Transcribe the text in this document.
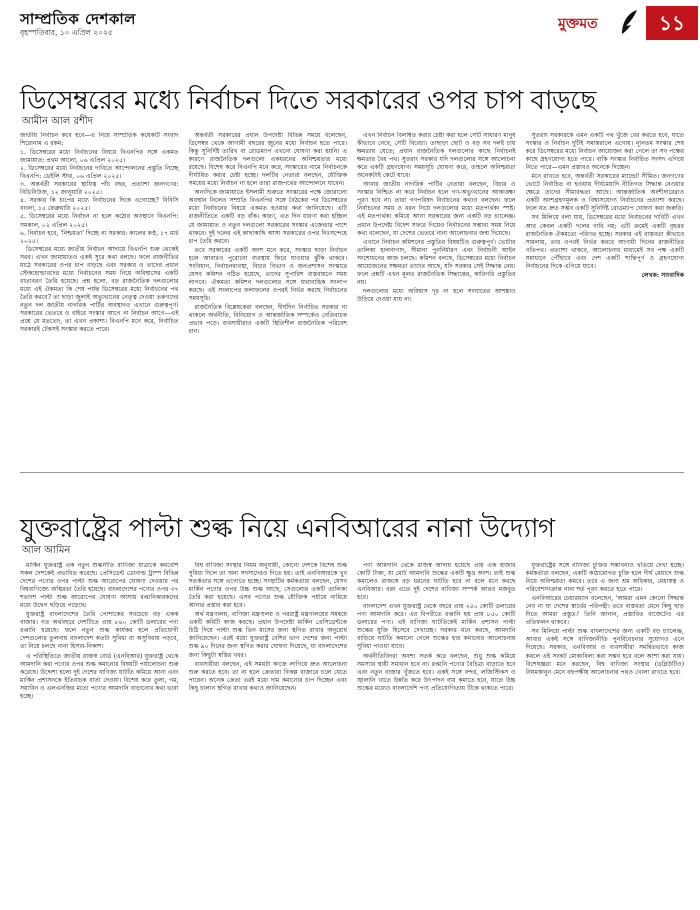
সাম্প্রতিক দেশকাল
বৃহস্পতিবার, ১০ এপ্রিল ২০২৫
মুক্তমত	১১
ডিসেম্বরের মধ্যে নির্বাচন দিতে সরকারের ওপর চাপ বাড়ছে
আমীন আল রশীদ

জাতীয় নির্বাচন কবে হবে—এ নিয়ে সাম্প্রতিক কয়েকটি সংবাদ শিরোনাম এ রকম:

১. ডিসেম্বরের মধ্যে নির্বাচনের বিষয়ে বিএনপির সঙ্গে একমত জামায়াত: প্রথম আলো, ০৬ এপ্রিল ২০২৫।

২. ডিসেম্বরের মধ্যে নির্বাচনের দাবিতে আন্দোলনের প্রস্তুতি নিচ্ছে বিএনপি: ডেইলি স্টার, ০৬ এপ্রিল ২০২৫।

৩. অন্তর্বর্তী সরকারের স্থায়িত্ব পাঁচ বছর, প্রত্যাশা জনগণের: বিডিনিউজ, ১২ জানুয়ারি ২০২৫।

৪. সরকার কি চাপের মধ্যে নির্বাচনের দিকে এগোচ্ছে? বিবিসি বাংলা, ১৫ ফেব্রুয়ারি ২০২৫।

৫. ডিসেম্বরের মধ্যে নির্বাচন না হলে কঠোর অবস্থানে বিএনপি: সমকাল, ০২ এপ্রিল ২০২৫।

৬. নির্বাচন হবে, 'নিশ্চয়তা' দিচ্ছে না সরকার: কালের কণ্ঠ, ১৭ মার্চ ২০২৫।

ডিসেম্বরের মধ্যে জাতীয় নির্বাচন আদায়ে বিএনপি শুরু থেকেই সরব। এখন জামায়াতও একই সুরে কথা বলছে। ফলে রাজনীতির মাঠে সরকারের ওপর চাপ বাড়ছে এবং সরকার ও তাদের প্রধান স্টেকহোল্ডারদের মধ্যে নির্বাচনের সময় নিয়ে অবিশ্বাসের একটি বাতাবরণ তৈরি হয়েছে। প্রশ্ন হলো, বড় রাজনৈতিক দলগুলোর মধ্যে এই ঐকমত্য কি শেষ পর্যন্ত ডিসেম্বরের মধ্যে নির্বাচনের পথ তৈরি করবে? তা ছাড়া জুলাই অভ্যুত্থানের নেতৃত্ব দেওয়া তরুণদের নতুন দল জাতীয় নাগরিক পার্টির অবস্থানও এখানে গুরুত্বপূর্ণ। সরকারের ভেতরে ও বাইরে সংস্কার আগে না নির্বাচন আগে—এই প্রশ্নে যে মতভেদ, তা এখন প্রকাশ্য। বিএনপি মনে করে, নির্বাচিত সরকারই টেকসই সংস্কার করতে পারে।

অন্তর্বর্তী সরকারের প্রধান উপদেষ্টা বিভিন্ন সময়ে বলেছেন, ডিসেম্বর থেকে আগামী বছরের জুনের মধ্যে নির্বাচন হতে পারে। কিন্তু সুনির্দিষ্ট তারিখ বা রোডম্যাপ এখনো ঘোষণা করা হয়নি। এ কারণে রাজনৈতিক দলগুলো একধরনের অনিশ্চয়তার মধ্যে রয়েছে। বিশেষ করে বিএনপি মনে করে, সংস্কারের নামে নির্বাচনকে দীর্ঘায়িত করার চেষ্টা হচ্ছে। দলটির নেতারা বলছেন, যৌক্তিক সময়ের মধ্যে নির্বাচন না হলে তারা রাজপথের আন্দোলনে যাবেন।

অন্যদিকে জামায়াতে ইসলামী শুরুতে সংস্কারের পক্ষে জোরালো অবস্থান নিলেও সম্প্রতি বিএনপির সঙ্গে বৈঠকের পর ডিসেম্বরের মধ্যে নির্বাচনের বিষয়ে একমত হওয়ার কথা জানিয়েছে। এটি রাজনীতিতে একটি বড় বাঁক। কারণ, এত দিন ধারণা করা হচ্ছিল যে জামায়াত ও নতুন দলগুলো সরকারের সংস্কার এজেন্ডার পাশে থাকবে। দুই দলের এই কাছাকাছি আসা সরকারের ওপর নিঃসন্দেহে চাপ তৈরি করবে।

তবে সরকারের একটি অংশ মনে করে, সংস্কার ছাড়া নির্বাচন হলে আবারও পুরোনো ব্যবস্থায় ফিরে যাওয়ার ঝুঁকি থাকবে। সংবিধান, নির্বাচনব্যবস্থা, বিচার বিভাগ ও জনপ্রশাসন সংস্কারে যেসব কমিশন গঠিত হয়েছে, তাদের সুপারিশ বাস্তবায়নে সময় লাগবে। ঐকমত্য কমিশন দলগুলোর সঙ্গে ধারাবাহিক সংলাপ করছে। এই সংলাপের ফলাফলের ওপরই নির্ভর করছে নির্বাচনের সময়সূচি।

রাজনৈতিক বিশ্লেষকেরা বলছেন, দীর্ঘদিন নির্বাচিত সরকার না থাকলে অর্থনীতি, বিনিয়োগ ও আন্তর্জাতিক সম্পর্কেও নেতিবাচক প্রভাব পড়ে। ব্যবসায়ীরাও একটি স্থিতিশীল রাজনৈতিক পরিবেশ চান।

এখন নির্বাচন বিলম্বিত করার চেষ্টা করা হলে সেটি সাধারণ মানুষ কীভাবে নেবে, সেটি বিবেচ্য। তাছাড়া ছোট ও বড় সব দলই চায় ক্ষমতায় যেতে; প্রধান রাজনৈতিক দলগুলোর কাছে নির্বাচনই ক্ষমতার বৈধ পথ। সুতরাং সরকার যদি দলগুলোর সঙ্গে আলোচনা করে একটি গ্রহণযোগ্য সময়সূচি ঘোষণা করে, তাহলে অনিশ্চয়তা অনেকটাই কেটে যাবে।

আবার জাতীয় নাগরিক পার্টির নেতারা বলছেন, বিচার ও সংস্কার নিশ্চিত না করে নির্বাচন হলে গণ-অভ্যুত্থানের আকাঙ্ক্ষা পূরণ হবে না। তারা গণপরিষদ নির্বাচনের কথাও বলছেন। ফলে নির্বাচনের সময় ও ধরন নিয়ে দলগুলোর মধ্যে মতপার্থক্য স্পষ্ট। এই মতপার্থক্য কমিয়ে আনা সরকারের জন্য একটি বড় চ্যালেঞ্জ। প্রধান উপদেষ্টা বিদেশ সফরে গিয়েও নির্বাচনের সম্ভাব্য সময় নিয়ে কথা বলেছেন, যা দেশের ভেতরে নানা আলোচনার জন্ম দিয়েছে।

এখানে নির্বাচন কমিশনের প্রস্তুতির বিষয়টিও গুরুত্বপূর্ণ। ভোটার তালিকা হালনাগাদ, সীমানা পুনর্নির্ধারণ এবং নির্বাচনী আইন সংশোধনের কাজ চলছে। কমিশন বলছে, ডিসেম্বরের মধ্যে নির্বাচন আয়োজনের সক্ষমতা তাদের আছে, যদি সরকার সেই সিদ্ধান্ত নেয়। ফলে প্রশ্নটি এখন মূলত রাজনৈতিক সিদ্ধান্তের, কারিগরি প্রস্তুতির নয়।

দলগুলোর মধ্যে অবিশ্বাস দূর না হলে সংঘাতের আশঙ্কাও উড়িয়ে দেওয়া যায় না।

সুতরাং সরকারকে এমন একটি পথ খুঁজে বের করতে হবে, যাতে সংস্কার ও নির্বাচন দুটিই সমান্তরালে এগোয়। ন্যূনতম সংস্কার শেষ করে ডিসেম্বরের মধ্যে নির্বাচন আয়োজন করা গেলে তা সব পক্ষের কাছে গ্রহণযোগ্য হতে পারে। বাকি সংস্কার নির্বাচিত সংসদ এগিয়ে নিতে পারে—এমন প্রস্তাবও অনেকে দিচ্ছেন।

মনে রাখতে হবে, অন্তর্বর্তী সরকারের ম্যান্ডেট সীমিত। জনগণের ভোটে নির্বাচিত না হওয়ায় দীর্ঘমেয়াদি নীতিগত সিদ্ধান্ত নেওয়ার ক্ষেত্রে তাদের সীমাবদ্ধতা আছে। আন্তর্জাতিক অংশীদারেরাও একটি অংশগ্রহণমূলক ও বিশ্বাসযোগ্য নির্বাচনের প্রত্যাশা করছে। ফলে যত দ্রুত সম্ভব একটি সুনির্দিষ্ট রোডম্যাপ ঘোষণা করা জরুরি।

সব মিলিয়ে বলা যায়, ডিসেম্বরের মধ্যে নির্বাচনের দাবিটি এখন আর কেবল একটি দলের দাবি নয়; এটি ক্রমেই একটি বৃহত্তর রাজনৈতিক ঐকমত্যে পরিণত হচ্ছে। সরকার এই বাস্তবতা কীভাবে সামলায়, তার ওপরই নির্ভর করবে আগামী দিনের রাজনীতির গতিপথ। প্রত্যাশা থাকবে, আলোচনার মাধ্যমেই সব পক্ষ একটি সমাধানে পৌঁছাবে এবং দেশ একটি শান্তিপূর্ণ ও গ্রহণযোগ্য নির্বাচনের দিকে এগিয়ে যাবে।

লেখক: সাংবাদিক

যুক্তরাষ্ট্রের পাল্টা শুল্ক নিয়ে এনবিআরের নানা উদ্যোগ
আল আমিন

মার্কিন যুক্তরাষ্ট্র এক নতুন শুল্কনীতি বাণিজ্য যাত্রাকে কমবেশি সকল দেশকেই প্রভাবিত করেছে। প্রেসিডেন্ট ডোনাল্ড ট্রাম্প বিভিন্ন দেশের পণ্যের ওপর পাল্টা শুল্ক আরোপের ঘোষণা দেওয়ার পর বিশ্ববাণিজ্যে অস্থিরতা তৈরি হয়েছে। বাংলাদেশের পণ্যের ওপর ৩৭ শতাংশ পাল্টা শুল্ক আরোপের ঘোষণা আসায় রপ্তানিকারকদের মধ্যে উদ্বেগ ছড়িয়ে পড়েছে।

যুক্তরাষ্ট্র বাংলাদেশের তৈরি পোশাকের সবচেয়ে বড় একক বাজার। গত অর্থবছরে দেশটিতে প্রায় ৮৪০ কোটি ডলারের পণ্য রপ্তানি হয়েছে। ফলে নতুন শুল্ক কার্যকর হলে প্রতিযোগী দেশগুলোর তুলনায় বাংলাদেশ কতটা সুবিধা বা অসুবিধায় পড়বে, তা নিয়ে চলছে নানা হিসাব-নিকাশ।

এ পরিস্থিতিতে জাতীয় রাজস্ব বোর্ড (এনবিআর) যুক্তরাষ্ট্র থেকে আমদানি করা পণ্যের ওপর শুল্ক কমানোর বিষয়টি পর্যালোচনা শুরু করেছে। উদ্দেশ্য হলো দুই দেশের বাণিজ্য ঘাটতি কমিয়ে আনা এবং মার্কিন প্রশাসনকে ইতিবাচক বার্তা দেওয়া। বিশেষ করে তুলা, গম, সয়াবিন ও এলএনজির মতো পণ্যের আমদানি বাড়ানোর কথা ভাবা হচ্ছে।

বিশ্ব বাণিজ্য সংস্থার নিয়ম অনুযায়ী, কোনো দেশকে বিশেষ শুল্ক সুবিধা দিলে তা অন্য সদস্যদেরও দিতে হয়। তাই এনবিআরকে খুব সতর্কতার সঙ্গে এগোতে হচ্ছে। সংস্থাটির কর্মকর্তারা বলছেন, যেসব মার্কিন পণ্যের ওপর উচ্চ শুল্ক আছে, সেগুলোর একটি তালিকা তৈরি করা হয়েছে। এসব পণ্যের শুল্ক যৌক্তিক পর্যায়ে নামিয়ে আনার প্রস্তাব করা হবে।

অর্থ মন্ত্রণালয়, বাণিজ্য মন্ত্রণালয় ও পররাষ্ট্র মন্ত্রণালয়ের সমন্বয়ে একটি কমিটি কাজ করছে। প্রধান উপদেষ্টা মার্কিন প্রেসিডেন্টকে চিঠি দিয়ে পাল্টা শুল্ক তিন মাসের জন্য স্থগিত রাখার অনুরোধ জানিয়েছেন। এরই মধ্যে যুক্তরাষ্ট্র বেশির ভাগ দেশের জন্য পাল্টা শুল্ক ৯০ দিনের জন্য স্থগিত করার ঘোষণা দিয়েছে, যা বাংলাদেশের জন্য কিছুটা স্বস্তির খবর।

ব্যবসায়ীরা বলছেন, এই সময়টা কাজে লাগিয়ে দ্রুত আলোচনা শুরু করতে হবে। তা না হলে ক্রেতারা বিকল্প বাজারে চলে যেতে পারেন। অনেক ক্রেতা এরই মধ্যে দাম কমানোর চাপ দিচ্ছেন এবং কিছু চালান স্থগিত রাখার কথাও জানিয়েছেন।

পণ্য আমদানি থেকে রাজস্ব আদায় হয়েছে প্রায় এক হাজার কোটি টাকা, যা মোট আমদানি শুল্কের একটি ক্ষুদ্র অংশ। তাই শুল্ক কমালেও রাজস্বে বড় ধরনের ঘাটতি হবে না বলে মনে করছে এনবিআর। বরং এতে দুই দেশের বাণিজ্য সম্পর্ক আরও মজবুত হবে।

বাংলাদেশ এখন যুক্তরাষ্ট্র থেকে বছরে প্রায় ২৫০ কোটি ডলারের পণ্য আমদানি করে। এর বিপরীতে রপ্তানি হয় প্রায় ৮৫০ কোটি ডলারের পণ্য। এই বাণিজ্য ঘাটতিকেই মার্কিন প্রশাসন পাল্টা শুল্কের যুক্তি হিসেবে দেখাচ্ছে। সরকার মনে করছে, আমদানি বাড়িয়ে ঘাটতি কমানো গেলে শুল্কের হার কমানোর আলোচনায় সুবিধা পাওয়া যাবে।

অর্থনীতিবিদরা অবশ্য সতর্ক করে বলছেন, শুধু শুল্ক কমিয়ে সমস্যার স্থায়ী সমাধান হবে না। রপ্তানি পণ্যের বৈচিত্র্য বাড়াতে হবে এবং নতুন বাজার খুঁজতে হবে। একই সঙ্গে বন্দর, লজিস্টিকস ও জ্বালানি খাতে উন্নতি করে উৎপাদন ব্যয় কমাতে হবে, যাতে উচ্চ শুল্কের মধ্যেও বাংলাদেশি পণ্য প্রতিযোগিতায় টিকে থাকতে পারে।

যুক্তরাষ্ট্রের সঙ্গে বাণিজ্য চুক্তির সম্ভাবনাও খতিয়ে দেখা হচ্ছে। কর্মকর্তারা বলছেন, একটি কাঠামোগত চুক্তি হলে দীর্ঘ মেয়াদে শুল্ক নিয়ে অনিশ্চয়তা কমবে। তবে এ জন্য শ্রম অধিকার, মেধাস্বত্ব ও পরিবেশসংক্রান্ত নানা শর্ত পূরণ করতে হতে পারে।

এনবিআরের চেয়ারম্যান বলেছেন, 'আমরা এমন কোনো সিদ্ধান্ত নেব না যা দেশের স্বার্থের পরিপন্থী। তবে বাস্তবতা মেনে কিছু ছাড় দিতে আমরা প্রস্তুত।' তিনি জানান, প্রস্তাবিত বাজেটেও এর প্রতিফলন থাকবে।

সব মিলিয়ে পাল্টা শুল্ক বাংলাদেশের জন্য একটি বড় চ্যালেঞ্জ, আবার একই সঙ্গে বাণিজ্যনীতি পুনর্বিবেচনার সুযোগও এনে দিয়েছে। সরকার, এনবিআর ও ব্যবসায়ীরা সমন্বিতভাবে কাজ করলে এই সংকট মোকাবিলা করা সম্ভব হবে বলে আশা করা যায়। বিশেষজ্ঞরা মনে করছেন, বিশ্ব বাণিজ্য সংস্থার (ডব্লিউটিও) নিয়মকানুন মেনে বহুপক্ষীয় আলোচনার পথও খোলা রাখতে হবে।
